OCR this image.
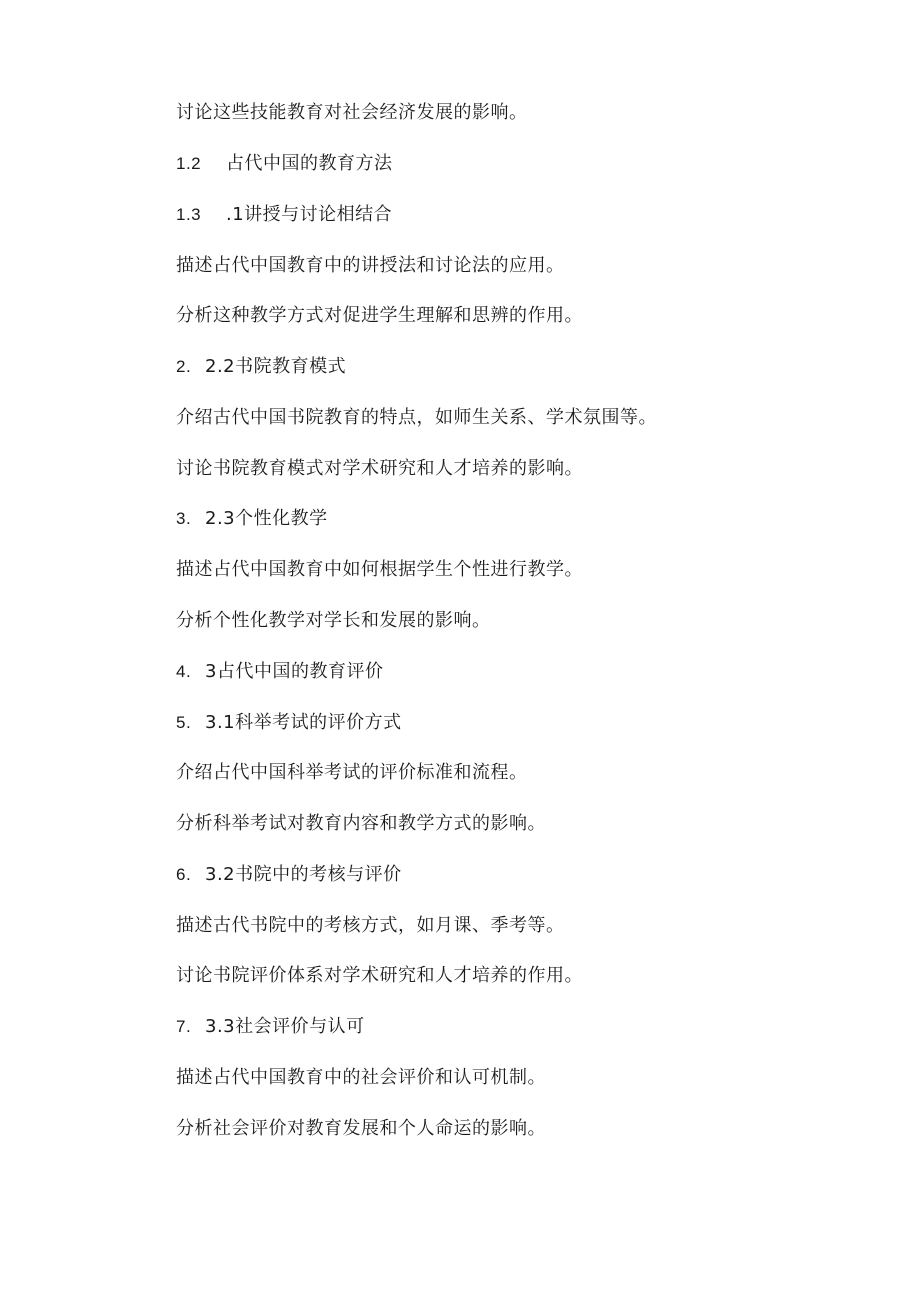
讨论这些技能教育对社会经济发展的影响。
1.2 占代中国的教育方法
1.3 .1讲授与讨论相结合
描述占代中国教育中的讲授法和讨论法的应用。
分析这种教学方式对促进学生理解和思辨的作用。
2. 2.2书院教育模式
介绍古代中国书院教育的特点，如师生关系、学术氛围等。
讨论书院教育模式对学术研究和人才培养的影响。
3. 2.3个性化教学
描述占代中国教育中如何根据学生个性进行教学。
分析个性化教学对学长和发展的影响。
4. 3占代中国的教育评价
5. 3.1科举考试的评价方式
介绍占代中国科举考试的评价标准和流程。
分析科举考试对教育内容和教学方式的影响。
6. 3.2书院中的考核与评价
描述古代书院中的考核方式，如月课、季考等。
讨论书院评价体系对学术研究和人才培养的作用。
7. 3.3社会评价与认可
描述占代中国教育中的社会评价和认可机制。
分析社会评价对教育发展和个人命运的影响。
